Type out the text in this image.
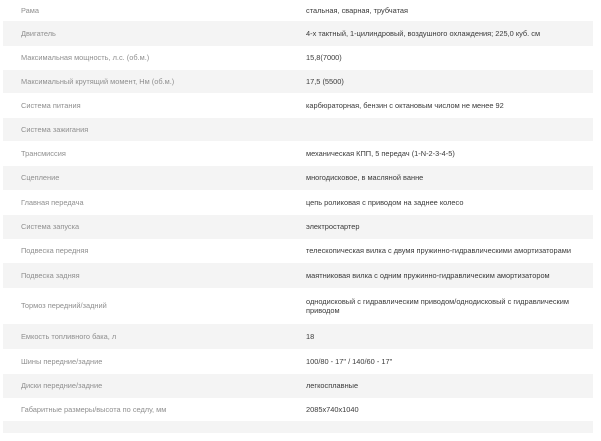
Рама	стальная, сварная, трубчатая
Двигатель	4-х тактный, 1-цилиндровый, воздушного охлаждения; 225,0 куб. см
Максимальная мощность, л.с. (об.м.)	15,8(7000)
Максимальный крутящий момент, Нм (об.м.)	17,5 (5500)
Система питания	карбюраторная, бензин с октановым числом не менее 92
Система зажигания	
Трансмиссия	механическая КПП, 5 передач (1-N-2-3-4-5)
Сцепление	многодисковое, в масляной ванне
Главная передача	цепь роликовая с приводом на заднее колесо
Система запуска	электростартер
Подвеска передняя	телескопическая вилка с двумя пружинно-гидравлическими амортизаторами
Подвеска задняя	маятниковая вилка с одним пружинно-гидравлическим амортизатором
Тормоз передний/задний	однодисковый с гидравлическим приводом/однодисковый с гидравлическим приводом
Емкость топливного бака, л	18
Шины передние/задние	100/80 - 17" / 140/60 - 17"
Диски передние/задние	легкосплавные
Габаритные размеры/высота по седлу, мм	2085x740x1040
